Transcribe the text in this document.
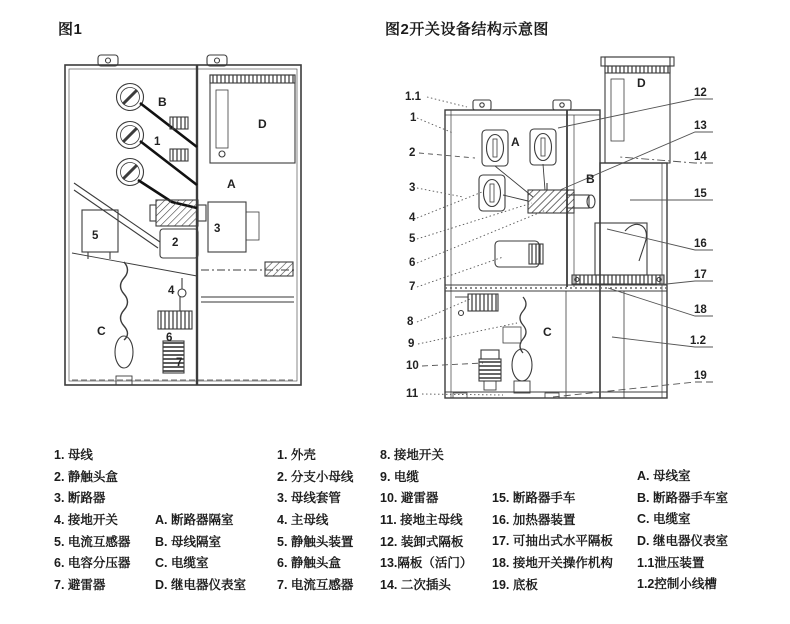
图1	图2开关设备结构示意图
1
2
3
4
5
6
7
A
B
C
D
1.1
1
2
3
4
5
6
7
8
9
10
11
12
13
14
15
16
17
18
1.2
19
A
B
C
D
1. 母线
2. 静触头盒
3. 断路器
4. 接地开关
5. 电流互感器
6. 电容分压器
7. 避雷器
A. 断路器隔室
B. 母线隔室
C. 电缆室
D. 继电器仪表室
1. 外壳
2. 分支小母线
3. 母线套管
4. 主母线
5. 静触头装置
6. 静触头盒
7. 电流互感器
8. 接地开关
9. 电缆
10. 避雷器
11. 接地主母线
12. 装卸式隔板
13.隔板（活门）
14. 二次插头
15. 断路器手车
16. 加热器装置
17. 可抽出式水平隔板
18. 接地开关操作机构
19. 底板
A. 母线室
B. 断路器手车室
C. 电缆室
D. 继电器仪表室
1.1泄压装置
1.2控制小线槽
